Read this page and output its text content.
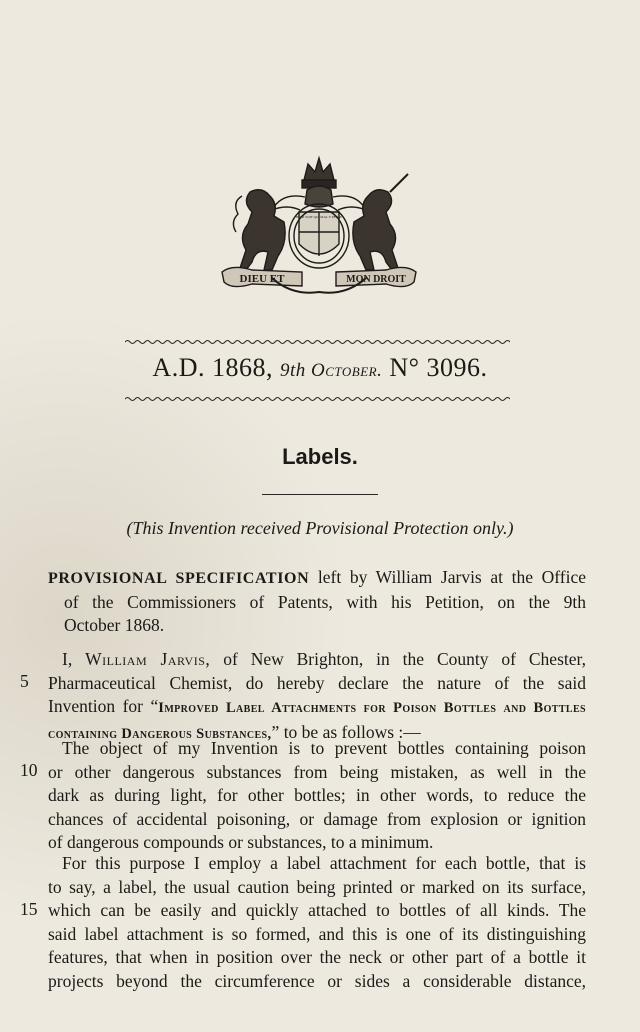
DIEU ET	MON DROIT
HONI SOIT QUI MAL Y PENSE
A.D. 1868, 9th October. N° 3096.
Labels.
(This Invention received Provisional Protection only.)
PROVISIONAL SPECIFICATION left by William Jarvis at the Office
of the Commissioners of Patents, with his Petition, on the 9th
October 1868.
I, William Jarvis, of New Brighton, in the County of Chester,
Pharmaceutical Chemist, do hereby declare the nature of the said
Invention for “Improved Label Attachments for Poison Bottles and Bottles
containing Dangerous Substances,” to be as follows :—
The object of my Invention is to prevent bottles containing poison
or other dangerous substances from being mistaken, as well in the
dark as during light, for other bottles; in other words, to reduce the
chances of accidental poisoning, or damage from explosion or ignition
of dangerous compounds or substances, to a minimum.
For this purpose I employ a label attachment for each bottle, that is
to say, a label, the usual caution being printed or marked on its surface,
which can be easily and quickly attached to bottles of all kinds. The
said label attachment is so formed, and this is one of its distinguishing
features, that when in position over the neck or other part of a bottle it
projects beyond the circumference or sides a considerable distance,
5
10
15
